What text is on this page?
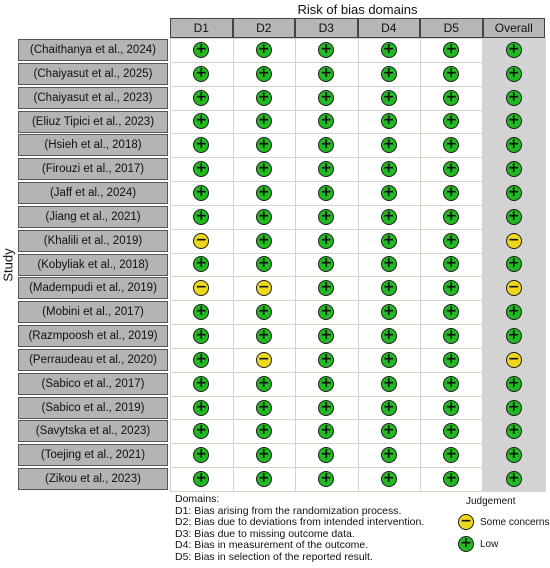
Risk of bias domains
Study
D1	D2	D3	D4	D5	Overall
(Chaithanya et al., 2024)	+	+	+	+	+	+
(Chaiyasut et al., 2025)	+	+	+	+	+	+
(Chaiyasut et al., 2023)	+	+	+	+	+	+
(Eliuz Tipici et al., 2023)	+	+	+	+	+	+
(Hsieh et al., 2018)	+	+	+	+	+	+
(Firouzi et al., 2017)	+	+	+	+	+	+
(Jaff et al., 2024)	+	+	+	+	+	+
(Jiang et al., 2021)	+	+	+	+	+	+
(Khalili et al., 2019)	−	+	+	+	+	−
(Kobyliak et al., 2018)	+	+	+	+	+	+
(Madempudi et al., 2019)	−	−	+	+	+	−
(Mobini et al., 2017)	+	+	+	+	+	+
(Razmpoosh et al., 2019)	+	+	+	+	+	+
(Perraudeau et al., 2020)	+	−	+	+	+	−
(Sabico et al., 2017)	+	+	+	+	+	+
(Sabico et al., 2019)	+	+	+	+	+	+
(Savytska et al., 2023)	+	+	+	+	+	+
(Toejing et al., 2021)	+	+	+	+	+	+
(Zikou et al., 2023)	+	+	+	+	+	+
Domains:
D1: Bias arising from the randomization process.
D2: Bias due to deviations from intended intervention.
D3: Bias due to missing outcome data.
D4: Bias in measurement of the outcome.
D5: Bias in selection of the reported result.
Judgement
− Some concerns
+ Low
